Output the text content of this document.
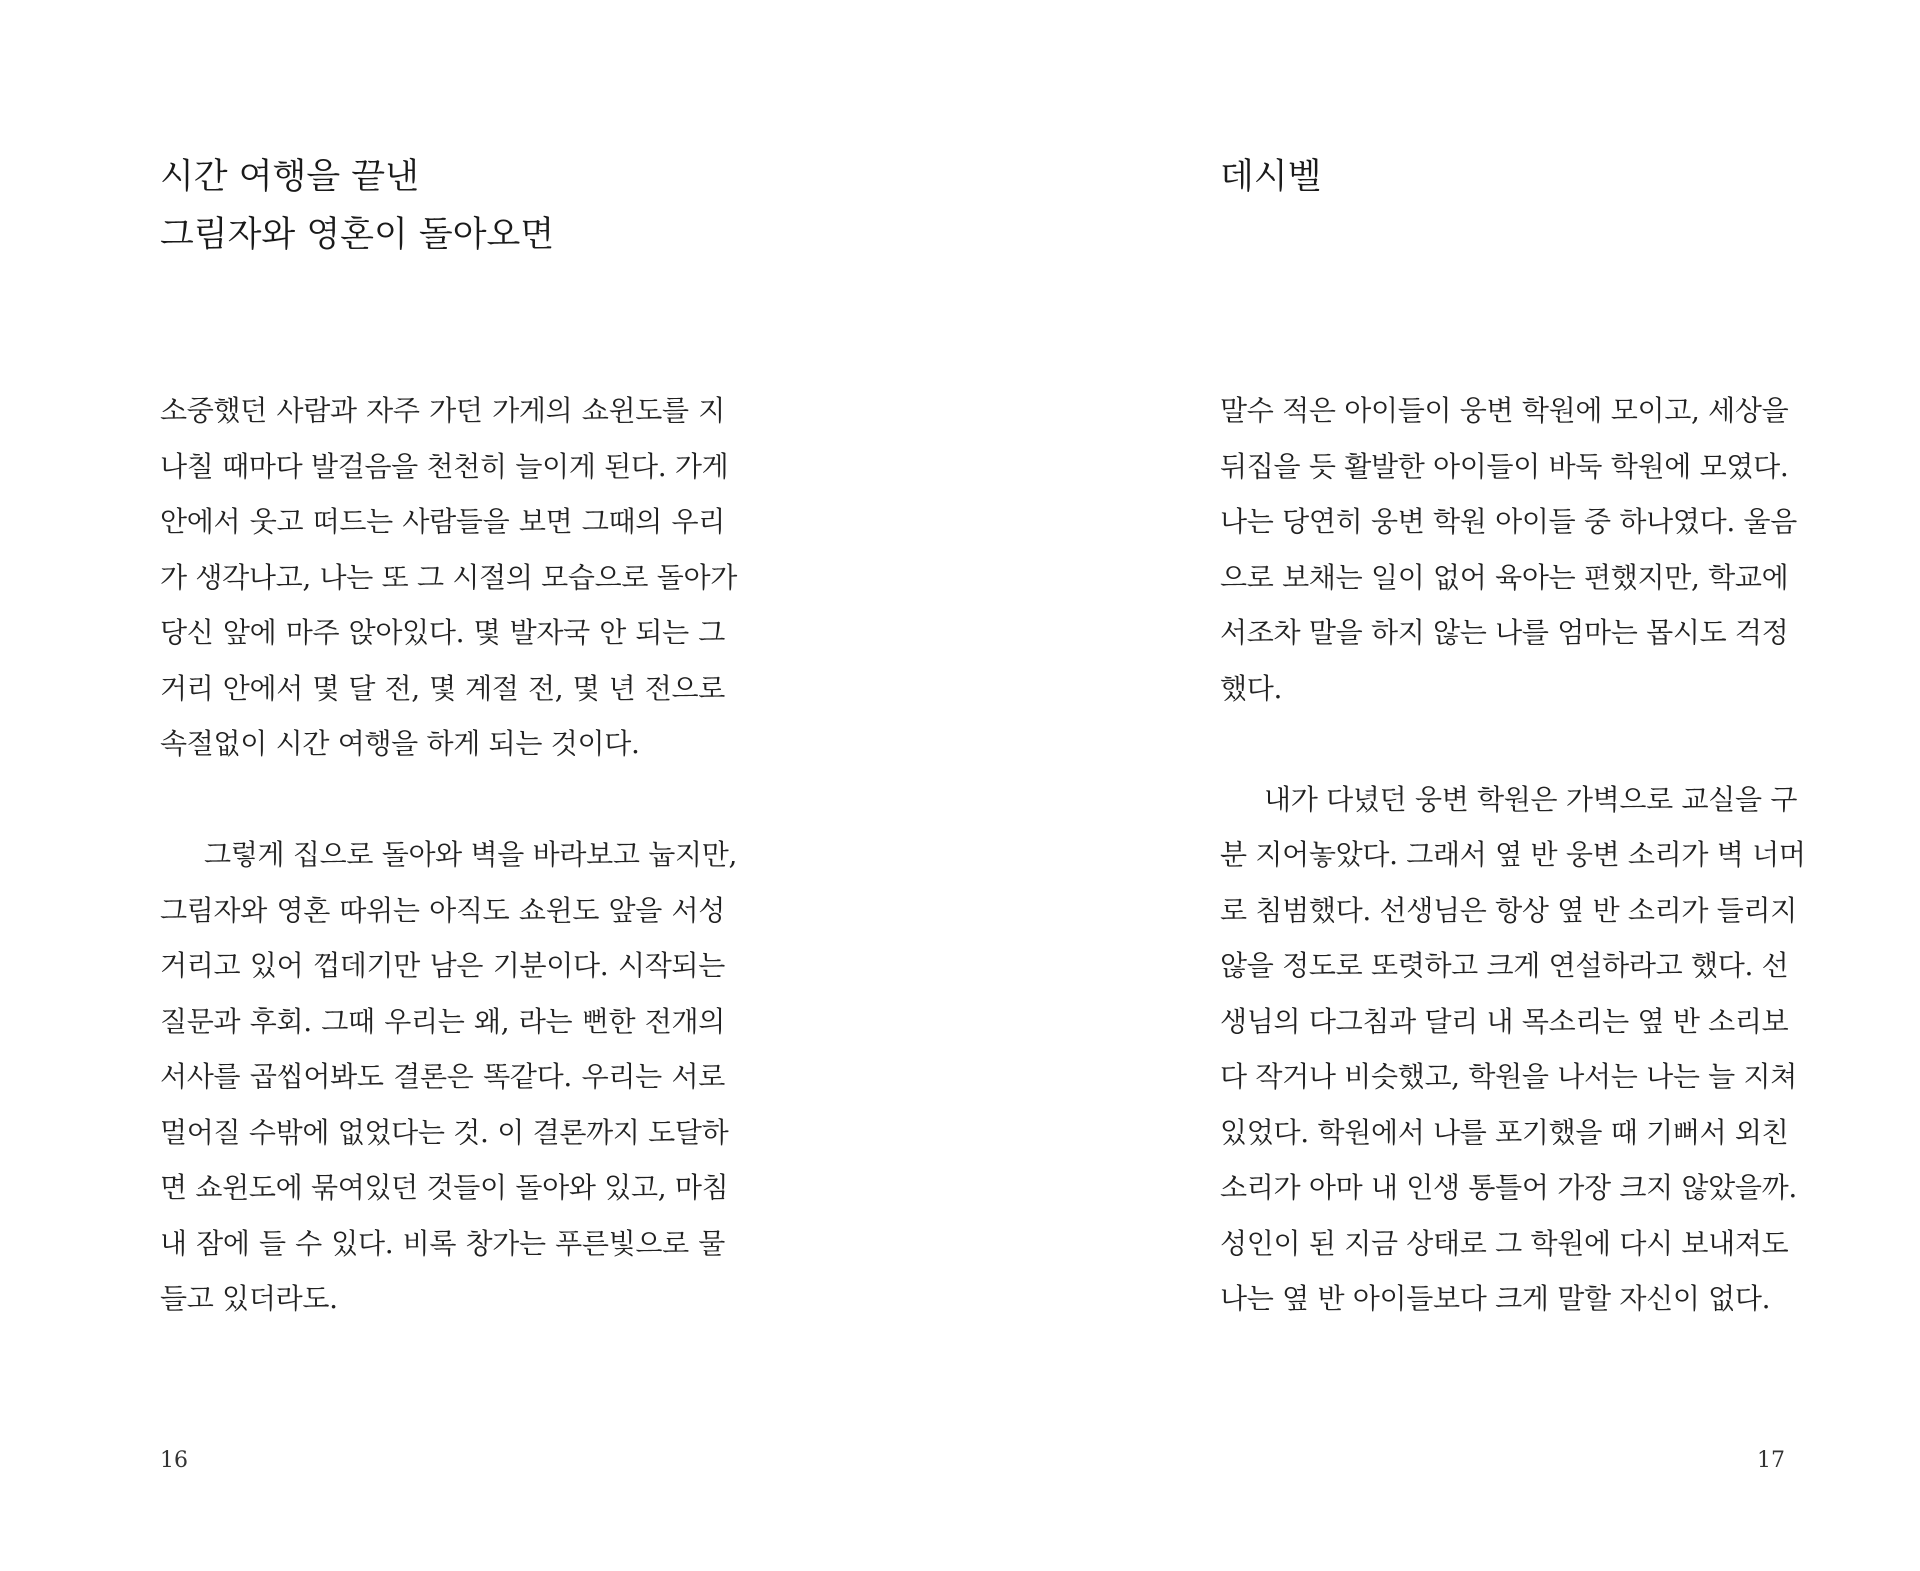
시간 여행을 끝낸
그림자와 영혼이 돌아오면
소중했던 사람과 자주 가던 가게의 쇼윈도를 지
나칠 때마다 발걸음을 천천히 늘이게 된다. 가게
안에서 웃고 떠드는 사람들을 보면 그때의 우리
가 생각나고, 나는 또 그 시절의 모습으로 돌아가
당신 앞에 마주 앉아있다. 몇 발자국 안 되는 그
거리 안에서 몇 달 전, 몇 계절 전, 몇 년 전으로
속절없이 시간 여행을 하게 되는 것이다.
그렇게 집으로 돌아와 벽을 바라보고 눕지만,
그림자와 영혼 따위는 아직도 쇼윈도 앞을 서성
거리고 있어 껍데기만 남은 기분이다. 시작되는
질문과 후회. 그때 우리는 왜, 라는 뻔한 전개의
서사를 곱씹어봐도 결론은 똑같다. 우리는 서로
멀어질 수밖에 없었다는 것. 이 결론까지 도달하
면 쇼윈도에 묶여있던 것들이 돌아와 있고, 마침
내 잠에 들 수 있다. 비록 창가는 푸른빛으로 물
들고 있더라도.
16
데시벨
말수 적은 아이들이 웅변 학원에 모이고, 세상을
뒤집을 듯 활발한 아이들이 바둑 학원에 모였다.
나는 당연히 웅변 학원 아이들 중 하나였다. 울음
으로 보채는 일이 없어 육아는 편했지만, 학교에
서조차 말을 하지 않는 나를 엄마는 몹시도 걱정
했다.
내가 다녔던 웅변 학원은 가벽으로 교실을 구
분 지어놓았다. 그래서 옆 반 웅변 소리가 벽 너머
로 침범했다. 선생님은 항상 옆 반 소리가 들리지
않을 정도로 또렷하고 크게 연설하라고 했다. 선
생님의 다그침과 달리 내 목소리는 옆 반 소리보
다 작거나 비슷했고, 학원을 나서는 나는 늘 지쳐
있었다. 학원에서 나를 포기했을 때 기뻐서 외친
소리가 아마 내 인생 통틀어 가장 크지 않았을까.
성인이 된 지금 상태로 그 학원에 다시 보내져도
나는 옆 반 아이들보다 크게 말할 자신이 없다.
17
